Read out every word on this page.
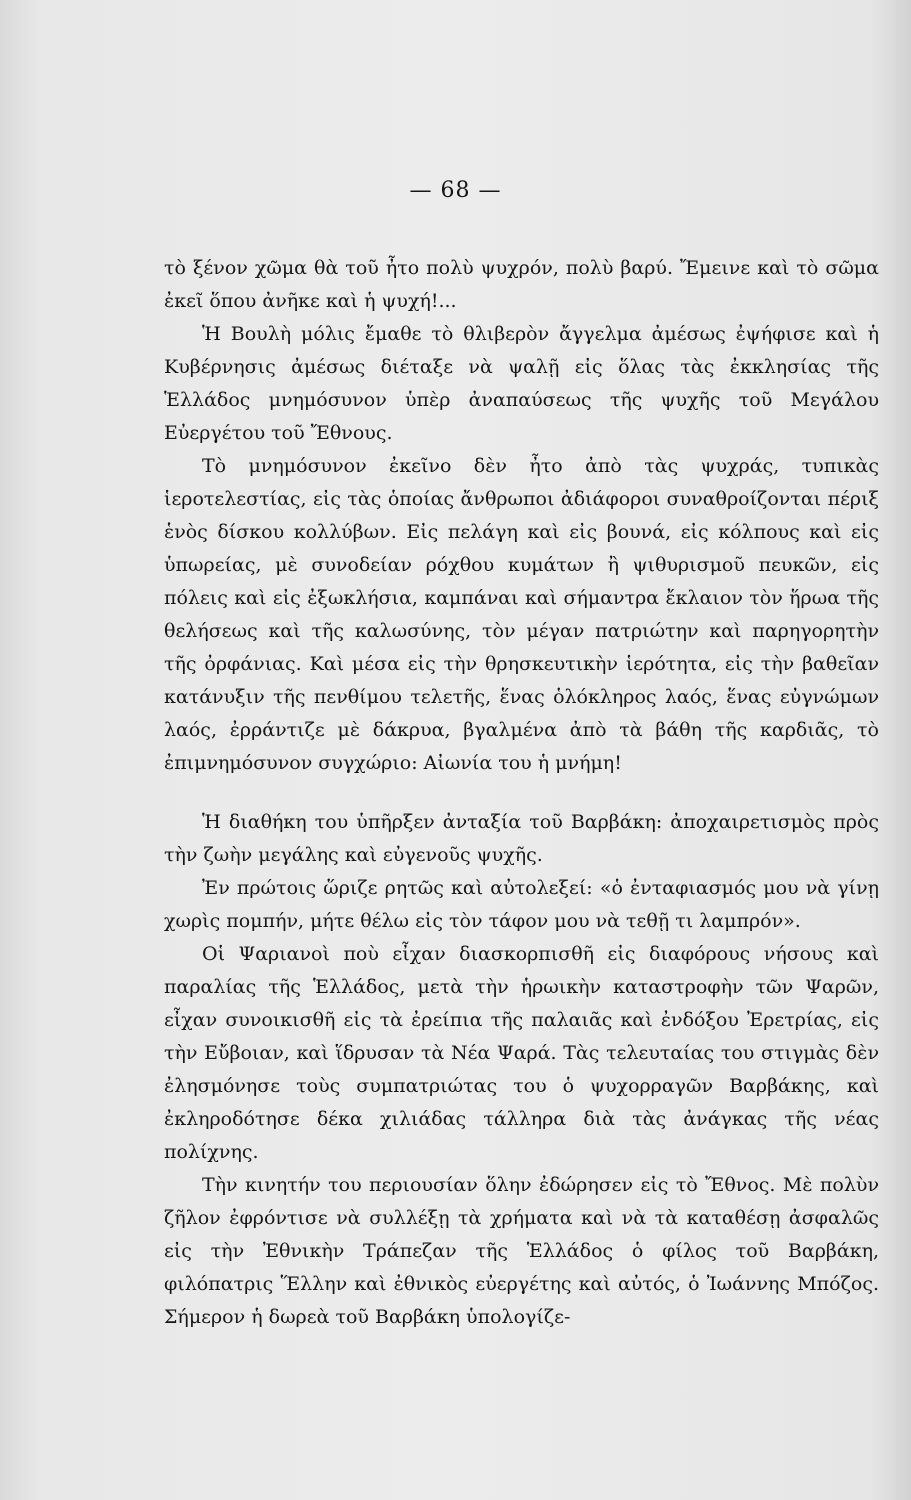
— 68 —

τὸ ξένον χῶμα θὰ τοῦ ἦτο πολὺ ψυχρόν, πολὺ βαρύ. Ἔμεινε καὶ τὸ σῶμα ἐκεῖ ὅπου ἀνῆκε καὶ ἡ ψυχή!...

Ἡ Βουλὴ μόλις ἔμαθε τὸ θλιβερὸν ἄγγελμα ἀμέσως ἐψήφισε καὶ ἡ Κυβέρνησις ἀμέσως διέταξε νὰ ψαλῇ εἰς ὅλας τὰς ἐκκλησίας τῆς Ἑλλάδος μνημόσυνον ὑπὲρ ἀναπαύσεως τῆς ψυχῆς τοῦ Μεγάλου Εὐεργέτου τοῦ Ἔθνους.

Τὸ μνημόσυνον ἐκεῖνο δὲν ἦτο ἀπὸ τὰς ψυχράς, τυπικὰς ἱεροτελεστίας, εἰς τὰς ὁποίας ἄνθρωποι ἀδιάφοροι συναθροίζονται πέριξ ἑνὸς δίσκου κολλύβων. Εἰς πελάγη καὶ εἰς βουνά, εἰς κόλπους καὶ εἰς ὑπωρείας, μὲ συνοδείαν ρόχθου κυμάτων ἢ ψιθυρισμοῦ πευκῶν, εἰς πόλεις καὶ εἰς ἐξωκλήσια, καμπάναι καὶ σήμαντρα ἔκλαιον τὸν ἥρωα τῆς θελήσεως καὶ τῆς καλωσύνης, τὸν μέγαν πατριώτην καὶ παρηγορητὴν τῆς ὀρφάνιας. Καὶ μέσα εἰς τὴν θρησκευτικὴν ἱερότητα, εἰς τὴν βαθεῖαν κατάνυξιν τῆς πενθίμου τελετῆς, ἕνας ὁλόκληρος λαός, ἕνας εὐγνώμων λαός, ἐρράντιζε μὲ δάκρυα, βγαλμένα ἀπὸ τὰ βάθη τῆς καρδιᾶς, τὸ ἐπιμνημόσυνον συγχώριο: Αἰωνία του ἡ μνήμη!

Ἡ διαθήκη του ὑπῆρξεν ἀνταξία τοῦ Βαρβάκη: ἀποχαιρετισμὸς πρὸς τὴν ζωὴν μεγάλης καὶ εὐγενοῦς ψυχῆς.

Ἐν πρώτοις ὥριζε ρητῶς καὶ αὐτολεξεί: «ὁ ἐνταφιασμός μου νὰ γίνῃ χωρὶς πομπήν, μήτε θέλω εἰς τὸν τάφον μου νὰ τεθῇ τι λαμπρόν».

Οἱ Ψαριανοὶ ποὺ εἶχαν διασκορπισθῆ εἰς διαφόρους νήσους καὶ παραλίας τῆς Ἑλλάδος, μετὰ τὴν ἡρωικὴν καταστροφὴν τῶν Ψαρῶν, εἶχαν συνοικισθῆ εἰς τὰ ἐρείπια τῆς παλαιᾶς καὶ ἐνδόξου Ἐρετρίας, εἰς τὴν Εὔβοιαν, καὶ ἵδρυσαν τὰ Νέα Ψαρά. Τὰς τελευταίας του στιγμὰς δὲν ἐλησμόνησε τοὺς συμπατριώτας του ὁ ψυχορραγῶν Βαρβάκης, καὶ ἐκληροδότησε δέκα χιλιάδας τάλληρα διὰ τὰς ἀνάγκας τῆς νέας πολίχνης.

Τὴν κινητήν του περιουσίαν ὅλην ἐδώρησεν εἰς τὸ Ἔθνος. Μὲ πολὺν ζῆλον ἐφρόντισε νὰ συλλέξῃ τὰ χρήματα καὶ νὰ τὰ καταθέσῃ ἀσφαλῶς εἰς τὴν Ἐθνικὴν Τράπεζαν τῆς Ἑλλάδος ὁ φίλος τοῦ Βαρβάκη, φιλόπατρις Ἕλλην καὶ ἐθνικὸς εὐεργέτης καὶ αὐτός, ὁ Ἰωάννης Μπόζος. Σήμερον ἡ δωρεὰ τοῦ Βαρβάκη ὑπολογίζε-
